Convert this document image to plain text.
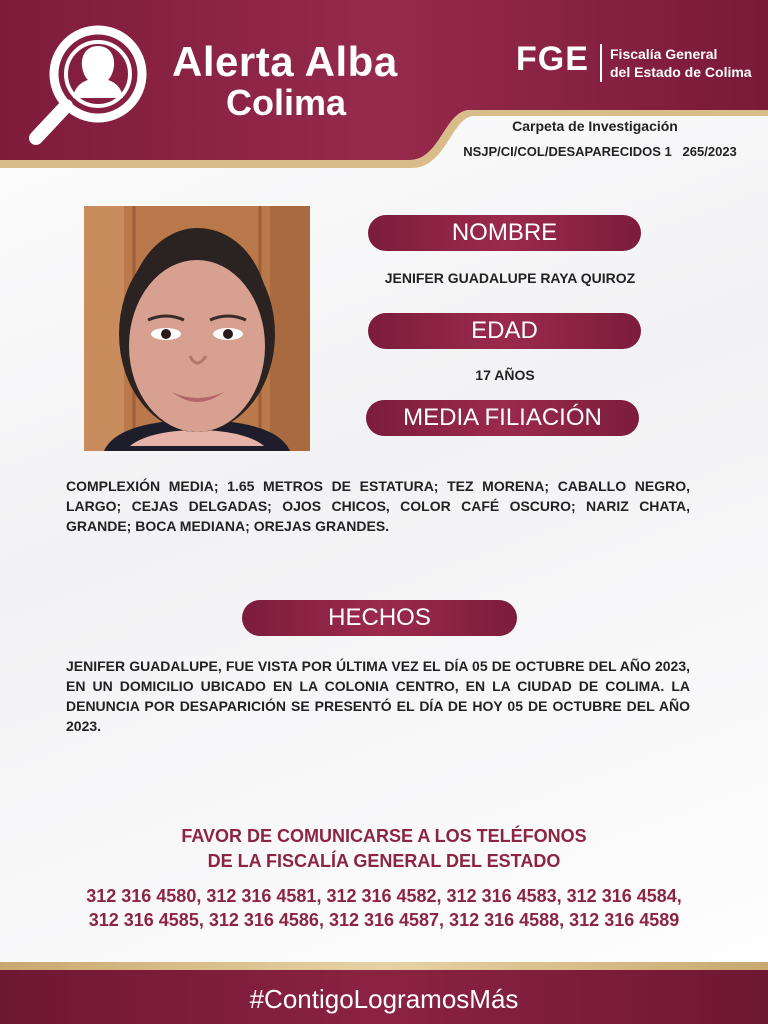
Alerta Alba
Colima
FGE Fiscalía General
del Estado de Colima
Carpeta de Investigación
NSJP/CI/COL/DESAPARECIDOS 1   265/2023
NOMBRE
JENIFER GUADALUPE RAYA QUIROZ
EDAD
17 AÑOS
MEDIA FILIACIÓN
COMPLEXIÓN MEDIA; 1.65 METROS DE ESTATURA; TEZ MORENA; CABALLO NEGRO, LARGO; CEJAS DELGADAS; OJOS CHICOS, COLOR CAFÉ OSCURO; NARIZ CHATA, GRANDE; BOCA MEDIANA; OREJAS GRANDES.
HECHOS
JENIFER GUADALUPE, FUE VISTA POR ÚLTIMA VEZ EL DÍA 05 DE OCTUBRE DEL AÑO 2023, EN UN DOMICILIO UBICADO EN LA COLONIA CENTRO, EN LA CIUDAD DE COLIMA. LA DENUNCIA POR DESAPARICIÓN SE PRESENTÓ EL DÍA DE HOY 05 DE OCTUBRE DEL AÑO 2023.
FAVOR DE COMUNICARSE A LOS TELÉFONOS
DE LA FISCALÍA GENERAL DEL ESTADO
312 316 4580, 312 316 4581, 312 316 4582, 312 316 4583, 312 316 4584, 312 316 4585, 312 316 4586, 312 316 4587, 312 316 4588, 312 316 4589
#ContigoLogramosMás
